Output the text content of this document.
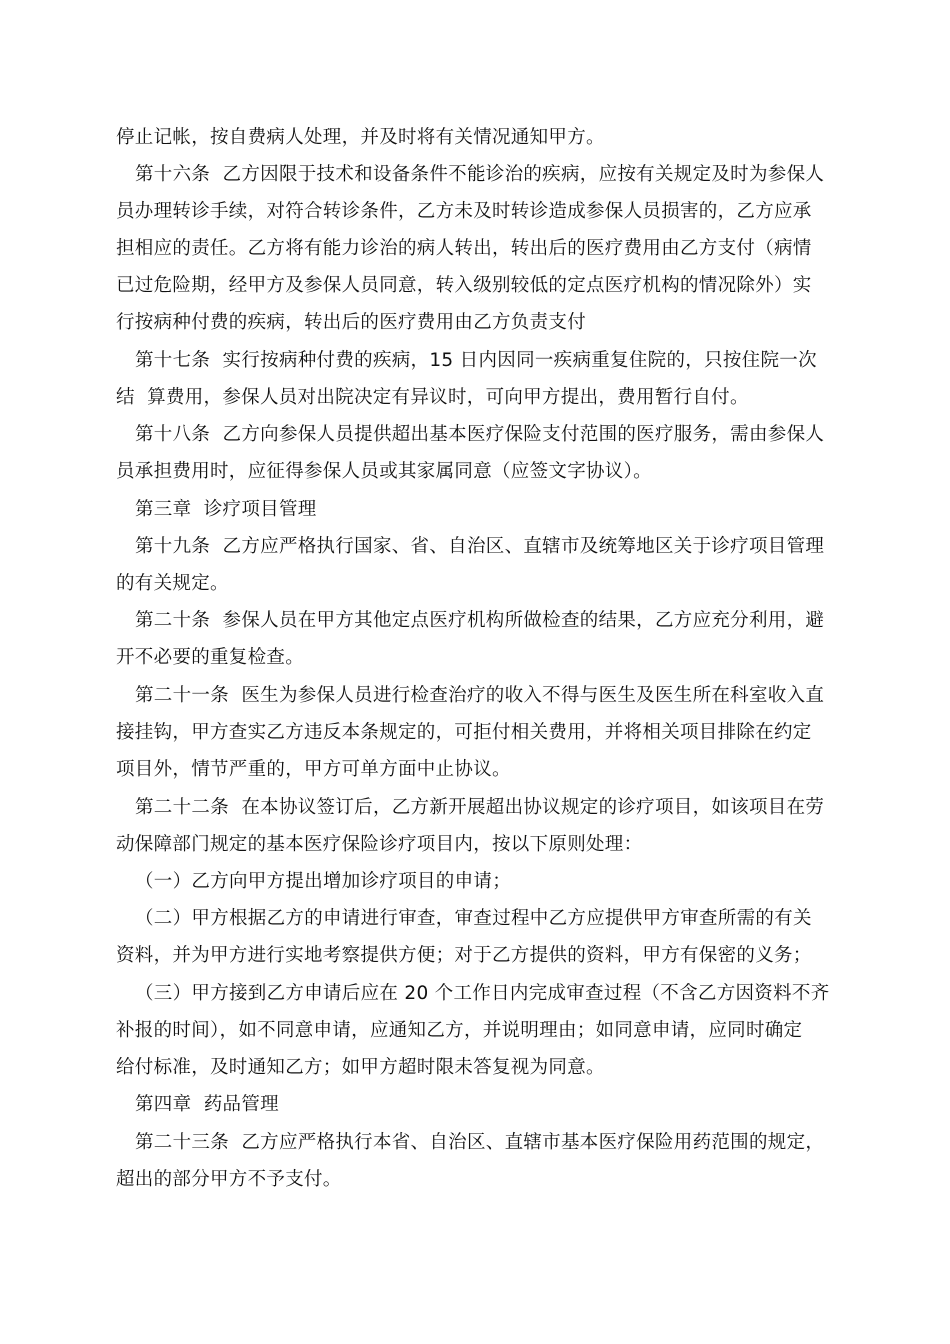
停止记帐，按自费病人处理，并及时将有关情况通知甲方。
第十六条  乙方因限于技术和设备条件不能诊治的疾病，应按有关规定及时为参保人
员办理转诊手续，对符合转诊条件，乙方未及时转诊造成参保人员损害的，乙方应承
担相应的责任。乙方将有能力诊治的病人转出，转出后的医疗费用由乙方支付（病情
已过危险期，经甲方及参保人员同意，转入级别较低的定点医疗机构的情况除外）实
行按病种付费的疾病，转出后的医疗费用由乙方负责支付
第十七条  实行按病种付费的疾病，15 日内因同一疾病重复住院的，只按住院一次
结  算费用，参保人员对出院决定有异议时，可向甲方提出，费用暂行自付。
第十八条  乙方向参保人员提供超出基本医疗保险支付范围的医疗服务，需由参保人
员承担费用时，应征得参保人员或其家属同意（应签文字协议）。
第三章  诊疗项目管理
第十九条  乙方应严格执行国家、省、自治区、直辖市及统筹地区关于诊疗项目管理
的有关规定。
第二十条  参保人员在甲方其他定点医疗机构所做检查的结果，乙方应充分利用，避
开不必要的重复检查。
第二十一条  医生为参保人员进行检查治疗的收入不得与医生及医生所在科室收入直
接挂钩，甲方查实乙方违反本条规定的，可拒付相关费用，并将相关项目排除在约定
项目外，情节严重的，甲方可单方面中止协议。
第二十二条  在本协议签订后，乙方新开展超出协议规定的诊疗项目，如该项目在劳
动保障部门规定的基本医疗保险诊疗项目内，按以下原则处理：
（一）乙方向甲方提出增加诊疗项目的申请；
（二）甲方根据乙方的申请进行审查，审查过程中乙方应提供甲方审查所需的有关
资料，并为甲方进行实地考察提供方便；对于乙方提供的资料，甲方有保密的义务；
（三）甲方接到乙方申请后应在 20 个工作日内完成审查过程（不含乙方因资料不齐
补报的时间），如不同意申请，应通知乙方，并说明理由；如同意申请，应同时确定
给付标准，及时通知乙方；如甲方超时限未答复视为同意。
第四章  药品管理
第二十三条  乙方应严格执行本省、自治区、直辖市基本医疗保险用药范围的规定，
超出的部分甲方不予支付。
